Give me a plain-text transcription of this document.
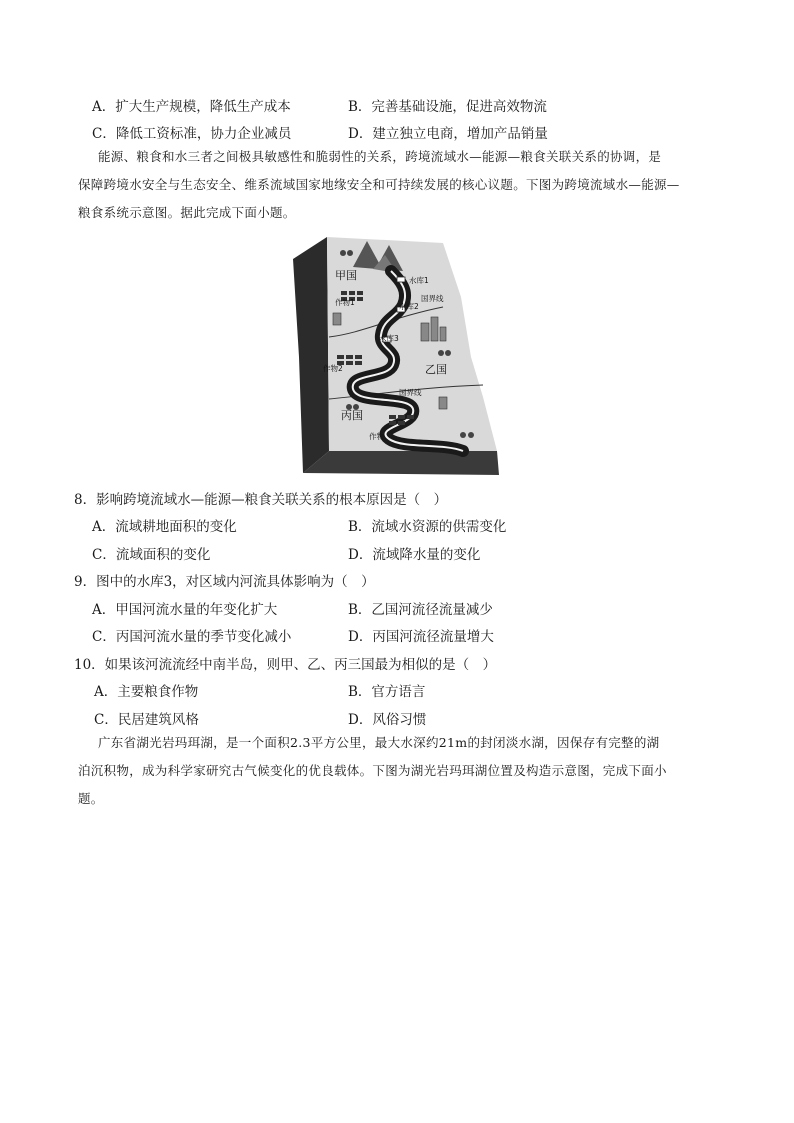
A．扩大生产规模，降低生产成本	B．完善基础设施，促进高效物流
C．降低工资标准，协力企业减员	D．建立独立电商，增加产品销量
能源、粮食和水三者之间极具敏感性和脆弱性的关系，跨境流域水—能源—粮食关联关系的协调，是
保障跨境水安全与生态安全、维系流域国家地缘安全和可持续发展的核心议题。下图为跨境流域水—能源—
粮食系统示意图。据此完成下面小题。
甲国
乙国
丙国
水库1
水库2
水库3
国界线
国界线
作物1
作物2
作物
8．影响跨境流域水—能源—粮食关联关系的根本原因是（　）
A．流域耕地面积的变化	B．流域水资源的供需变化
C．流域面积的变化	D．流域降水量的变化
9．图中的水库3，对区域内河流具体影响为（　）
A．甲国河流水量的年变化扩大	B．乙国河流径流量减少
C．丙国河流水量的季节变化减小	D．丙国河流径流量增大
10．如果该河流流经中南半岛，则甲、乙、丙三国最为相似的是（　）
A．主要粮食作物	B．官方语言
C．民居建筑风格	D．风俗习惯
广东省湖光岩玛珥湖，是一个面积2.3平方公里，最大水深约21m的封闭淡水湖，因保存有完整的湖
泊沉积物，成为科学家研究古气候变化的优良载体。下图为湖光岩玛珥湖位置及构造示意图，完成下面小
题。
